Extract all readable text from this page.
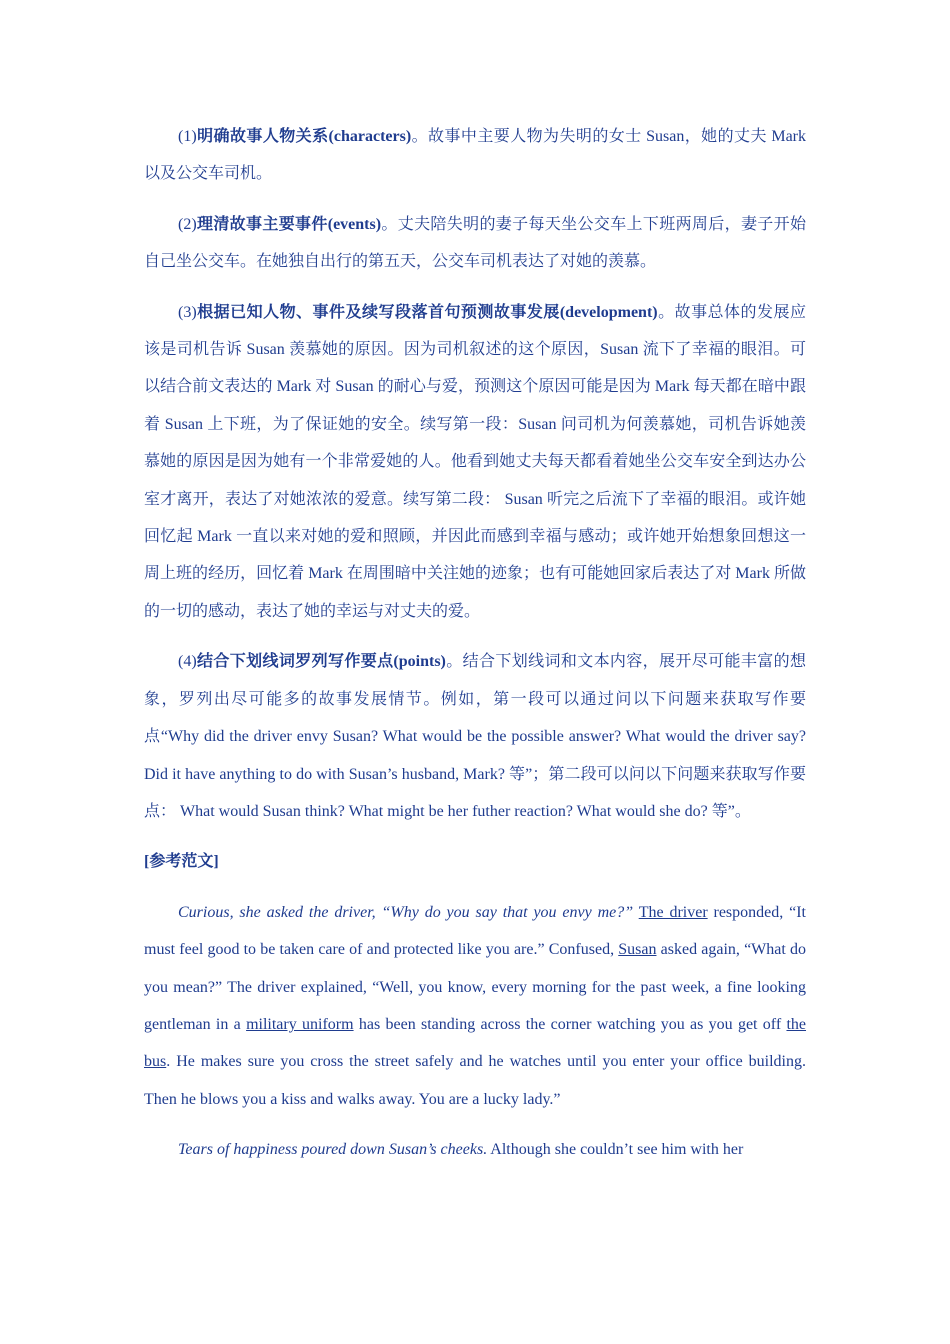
(1)明确故事人物关系(characters)。故事中主要人物为失明的女士 Susan，她的丈夫 Mark 以及公交车司机。

(2)理清故事主要事件(events)。丈夫陪失明的妻子每天坐公交车上下班两周后，妻子开始自己坐公交车。在她独自出行的第五天，公交车司机表达了对她的羡慕。

(3)根据已知人物、事件及续写段落首句预测故事发展(development)。故事总体的发展应该是司机告诉 Susan 羡慕她的原因。因为司机叙述的这个原因，Susan 流下了幸福的眼泪。可以结合前文表达的 Mark 对 Susan 的耐心与爱，预测这个原因可能是因为 Mark 每天都在暗中跟着 Susan 上下班，为了保证她的安全。续写第一段：Susan 问司机为何羡慕她，司机告诉她羡慕她的原因是因为她有一个非常爱她的人。他看到她丈夫每天都看着她坐公交车安全到达办公室才离开，表达了对她浓浓的爱意。续写第二段： Susan 听完之后流下了幸福的眼泪。或许她回忆起 Mark 一直以来对她的爱和照顾，并因此而感到幸福与感动；或许她开始想象回想这一周上班的经历，回忆着 Mark 在周围暗中关注她的迹象；也有可能她回家后表达了对 Mark 所做的一切的感动，表达了她的幸运与对丈夫的爱。

(4)结合下划线词罗列写作要点(points)。结合下划线词和文本内容，展开尽可能丰富的想象，罗列出尽可能多的故事发展情节。例如，第一段可以通过问以下问题来获取写作要点“Why did the driver envy Susan? What would be the possible answer? What would the driver say? Did it have anything to do with Susan’s husband, Mark? 等”；第二段可以问以下问题来获取写作要点： What would Susan think? What might be her futher reaction? What would she do? 等”。

[参考范文]

Curious, she asked the driver, “Why do you say that you envy me?” The driver responded, “It must feel good to be taken care of and protected like you are.” Confused, Susan asked again, “What do you mean?” The driver explained, “Well, you know, every morning for the past week, a fine looking gentleman in a military uniform has been standing across the corner watching you as you get off the bus. He makes sure you cross the street safely and he watches until you enter your office building. Then he blows you a kiss and walks away. You are a lucky lady.”

Tears of happiness poured down Susan’s cheeks. Although she couldn’t see him with her
